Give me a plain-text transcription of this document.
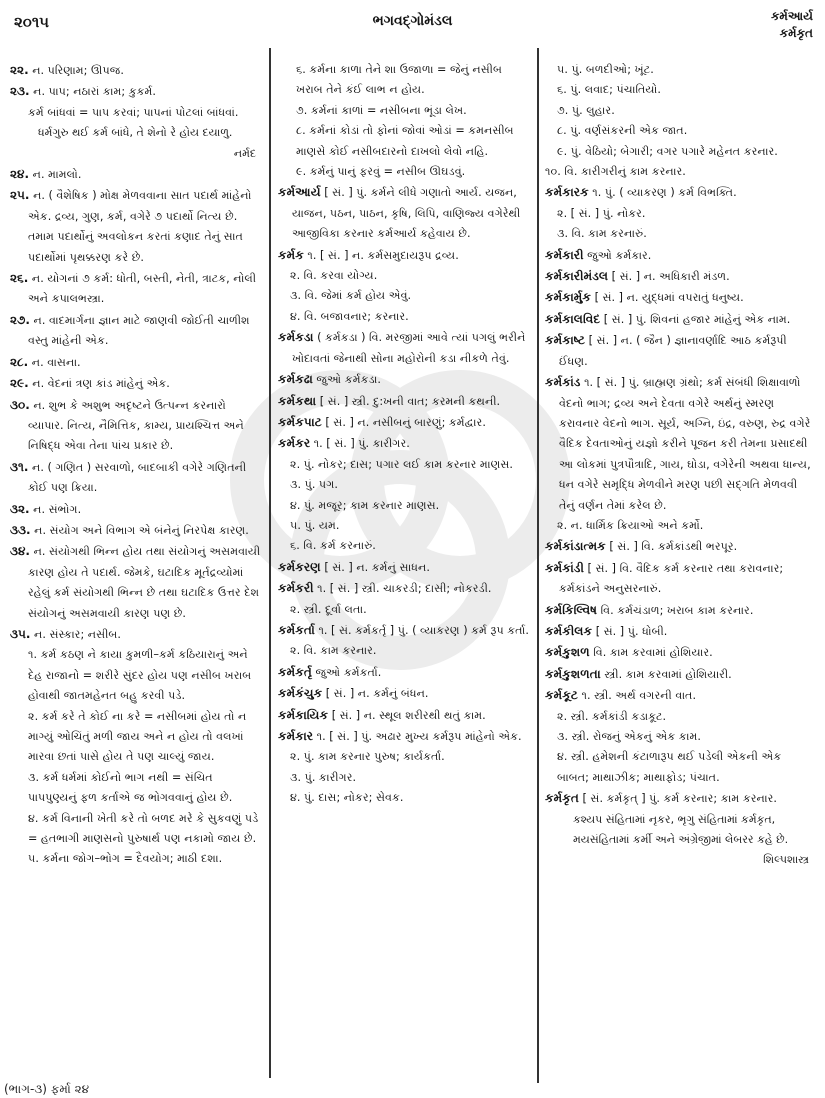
૨૦૧૫	ભગવદ્ગોમંડલ	કર્મઆર્ય
કર્મકૃત
૨૨. ન. પરિણામ; ઊપજ.
૨૩. ન. પાપ; નઠારાં કામ; કુકર્મ.
કર્મ બાંધવાં = પાપ કરવાં; પાપનાં પોટલાં બાંધવાં.
ધર્મગુરુ થઈ કર્મ બાંધે, તે શેનો રે હોય દયાળુ.
નર્મદ
૨૪. ન. મામલો.
૨૫. ન. ( વૈશેષિક ) મોક્ષ મેળવવાના સાત પદાર્થ માંહેનો એક. દ્રવ્ય, ગુણ, કર્મ, વગેરે ૭ પદાર્થો નિત્ય છે. તમામ પદાર્થોનું અવલોકન કરતાં કણાદ તેનું સાત પદાર્થોમાં પૃથક્કરણ કરે છે.
૨૬. ન. યોગનાં ૭ કર્મ: ધોતી, બસ્તી, નેતી, ત્રાટક, નોલી અને કપાલભસ્ત્રા.
૨૭. ન. વાદમાર્ગના જ્ઞાન માટે જાણવી જોઈતી ચાળીશ વસ્તુ માંહેની એક.
૨૮. ન. વાસના.
૨૯. ન. વેદનાં ત્રણ કાંડ માંહેનું એક.
૩૦. ન. શુભ કે અશુભ અદૃષ્ટને ઉત્પન્ન કરનારો વ્યાપાર. નિત્ય, નૈમિત્તિક, કામ્ય, પ્રાયશ્ચિત્ત અને નિષિદ્ધ એવા તેના પાંચ પ્રકાર છે.
૩૧. ન. ( ગણિત ) સરવાળો, બાદબાકી વગેરે ગણિતની કોઈ પણ ક્રિયા.
૩૨. ન. સંભોગ.
૩૩. ન. સંયોગ અને વિભાગ એ બંનેનું નિરપેક્ષ કારણ.
૩૪. ન. સંયોગથી ભિન્ન હોય તથા સંયોગનું અસમવાયી કારણ હોય તે પદાર્થ. જેમકે, ઘટાદિક મૂર્તદ્રવ્યોમાં રહેલું કર્મ સંયોગથી ભિન્ન છે તથા ઘટાદિક ઉત્તર દેશ સંયોગનું અસમવાયી કારણ પણ છે.
૩૫. ન. સંસ્કાર; નસીબ.
૧. કર્મ કઠણ ને કાયા કુમળી–કર્મ કઠિયારાનું અને દેહ રાજાનો = શરીરે સુંદર હોય પણ નસીબ ખરાબ હોવાથી જાતમહેનત બહુ કરવી પડે.
૨. કર્મ કરે તે કોઈ ના કરે = નસીબમાં હોય તો ન માગ્યું ઓચિંતું મળી જાય અને ન હોય તો વલખાં મારવા છતાં પાસે હોય તે પણ ચાલ્યું જાય.
૩. કર્મ ધર્મમાં કોઈનો ભાગ નથી = સંચિત પાપપુણ્યનું ફળ કર્તાએ જ ભોગવવાનું હોય છે.
૪. કર્મ વિનાની ખેતી કરે તો બળદ મરે કે સુકવણું પડે = હતભાગી માણસનો પુરુષાર્થ પણ નકામો જાય છે.
૫. કર્મના જોગ–ભોગ = દૈવયોગ; માઠી દશા.
૬. કર્મના કાળા તેને શા ઉજાળા = જેનું નસીબ ખરાબ તેને કંઈ લાભ ન હોય.
૭. કર્મનાં કાળાં = નસીબના ભૂંડા લેખ.
૮. કર્મનાં કોડાં તો ફોનાં જોવાં ઓડાં = કમનસીબ માણસે કોઈ નસીબદારનો દાખલો લેવો નહિ.
૯. કર્મનું પાનું ફરવું = નસીબ ઊઘડવું.
કર્મઆર્ય [ સં. ] પું. કર્મને લીધે ગણાતો આર્ય. યજન, યાજન, પઠન, પાઠન, કૃષિ, લિપિ, વાણિજ્ય વગેરેથી આજીવિકા કરનાર કર્મઆર્ય કહેવાય છે.
કર્મક ૧. [ સં. ] ન. કર્મસમુદાયરૂપ દ્રવ્ય.
૨. વિ. કરવા યોગ્ય.
૩. વિ. જેમાં કર્મ હોય એવું.
૪. વિ. બજાવનાર; કરનાર.
કર્મકડા ( કર્મકડા ) વિ. મરજીમાં આવે ત્યાં પગલું ભરીને ખોદાવતાં જેનાથી સોના મહોરોની કડા નીકળે તેવું.
કર્મકઢા જુઓ કર્મકડા.
કર્મકથા [ સં. ] સ્ત્રી. દુ:ખની વાત; કરમની કથની.
કર્મકપાટ [ સં. ] ન. નસીબનું બારણું; કર્મદ્વાર.
કર્મકર ૧. [ સં. ] પું. કારીગર.
૨. પું. નોકર; દાસ; પગાર લઈ કામ કરનાર માણસ.
૩. પું. પગ.
૪. પું. મજૂર; કામ કરનાર માણસ.
૫. પું. યમ.
૬. વિ. કર્મ કરનારું.
કર્મકરણ [ સં. ] ન. કર્મનું સાધન.
કર્મકરી ૧. [ સં. ] સ્ત્રી. ચાકરડી; દાસી; નોકરડી.
૨. સ્ત્રી. દૂર્વા લતા.
કર્મકર્તા ૧. [ સં. કર્મકર્તૃ ] પું. ( વ્યાકરણ ) કર્મ રૂપ કર્તા.
૨. વિ. કામ કરનાર.
કર્મકર્તૃ જુઓ કર્મકર્તા.
કર્મકંચુક [ સં. ] ન. કર્મનું બંધન.
કર્મકાયિક [ સં. ] ન. સ્થૂલ શરીરથી થતું કામ.
કર્મકાર ૧. [ સં. ] પું. અઢાર મુખ્ય કર્મરૂપ માંહેનો એક.
૨. પું. કામ કરનાર પુરુષ; કાર્યકર્તા.
૩. પું. કારીગર.
૪. પું. દાસ; નોકર; સેવક.
૫. પું. બળદીઓ; ખૂંટ.
૬. પું. લવાદ; પંચાતિયો.
૭. પું. લુહાર.
૮. પું. વર્ણસંકરની એક જાત.
૯. પું. વેઠિયો; બેગારી; વગર પગારે મહેનત કરનાર.
૧૦. વિ. કારીગરીનું કામ કરનાર.
કર્મકારક ૧. પું. ( વ્યાકરણ ) કર્મ વિભક્તિ.
૨. [ સં. ] પું. નોકર.
૩. વિ. કામ કરનારું.
કર્મકારી જુઓ કર્મકાર.
કર્મકારીમંડલ [ સં. ] ન. અધિકારી મંડળ.
કર્મકાર્મુક [ સં. ] ન. યુદ્ધમાં વપરાતું ધનુષ્ય.
કર્મકાલવિદ [ સં. ] પું. શિવનાં હજાર માંહેનું એક નામ.
કર્મકાષ્ટ [ સં. ] ન. ( જૈન ) જ્ઞાનાવર્ણાદિ આઠ કર્મરૂપી ઈંધણ.
કર્મકાંડ ૧. [ સં. ] પું. બ્રાહ્મણ ગ્રંથો; કર્મ સંબંધી શિક્ષાવાળો વેદનો ભાગ; દ્રવ્ય અને દેવતા વગેરે અર્થનું સ્મરણ કરાવનાર વેદનો ભાગ. સૂર્ય, અગ્નિ, ઇંદ્ર, વરુણ, રુદ્ર વગેરે વૈદિક દેવતાઓનું યજ્ઞો કરીને પૂજન કરી તેમના પ્રસાદથી આ લોકમાં પુત્રપૌત્રાદિ, ગાય, ઘોડા, વગેરેની અથવા ધાન્ય, ધન વગેરે સમૃદ્ધિ મેળવીને મરણ પછી સદ્ગતિ મેળવવી તેનું વર્ણન તેમાં કરેલ છે.
૨. ન. ધાર્મિક ક્રિયાઓ અને કર્મો.
કર્મકાંડાત્મક [ સં. ] વિ. કર્મકાંડથી ભરપૂર.
કર્મકાંડી [ સં. ] વિ. વૈદિક કર્મ કરનાર તથા કરાવનાર; કર્મકાંડને અનુસરનારું.
કર્મકિલ્વિષ વિ. કર્મચંડાળ; ખરાબ કામ કરનાર.
કર્મકીલક [ સં. ] પું. ધોબી.
કર્મકુશળ વિ. કામ કરવામાં હોશિયાર.
કર્મકુશળતા સ્ત્રી. કામ કરવામાં હોશિયારી.
કર્મકૂટ ૧. સ્ત્રી. અર્થ વગરની વાત.
૨. સ્ત્રી. કર્મકાંડી કડાકૂટ.
૩. સ્ત્રી. રોજનું એકનું એક કામ.
૪. સ્ત્રી. હમેશની કંટાળારૂપ થઈ પડેલી એકની એક બાબત; માથાઝીક; માથાફોડ; પંચાત.
કર્મકૃત [ સં. કર્મકૃત્ ] પું. કર્મ કરનાર; કામ કરનાર.
કશ્યપ સંહિતામાં નૃકર, ભૃગુ સંહિતામાં કર્મકૃત, મયસંહિતામાં કર્મી અને અંગ્રેજીમાં લેબરર કહે છે.
શિલ્પશાસ્ત્ર
(ભાગ-૩) ફર્મા ૨૪
